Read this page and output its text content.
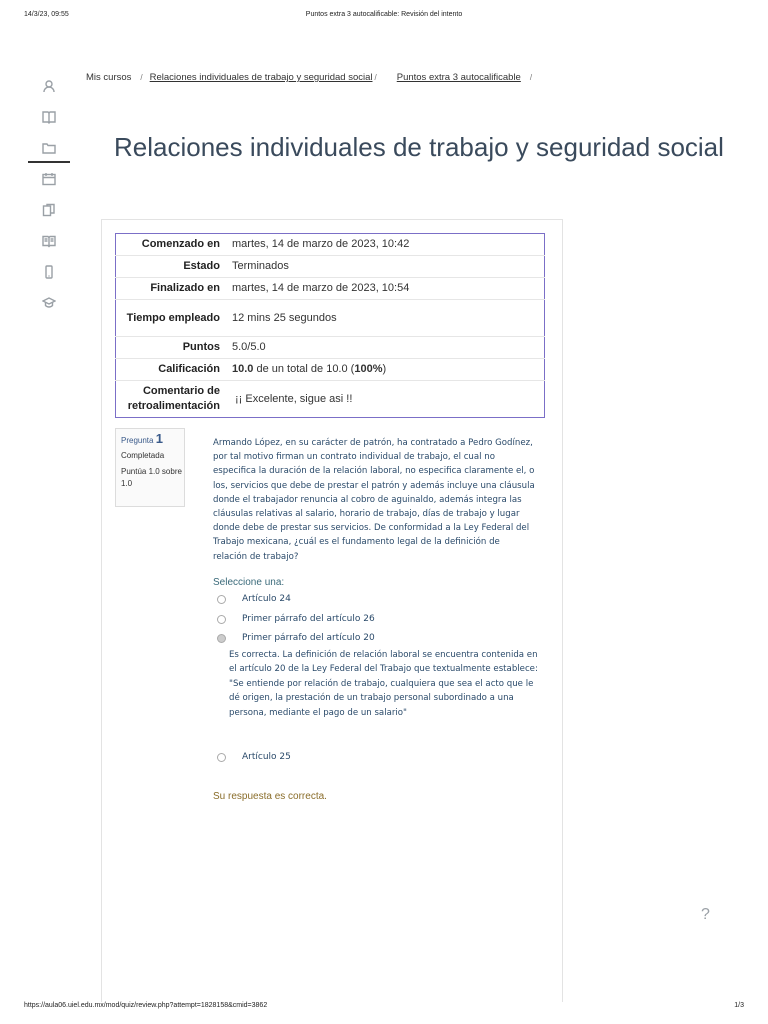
14/3/23, 09:55	Puntos extra 3 autocalificable: Revisión del intento
Mis cursos / Relaciones individuales de trabajo y seguridad social / Puntos extra 3 autocalificable /
Relaciones individuales de trabajo y seguridad social
Comenzado en	martes, 14 de marzo de 2023, 10:42
Estado	Terminados
Finalizado en	martes, 14 de marzo de 2023, 10:54
Tiempo empleado	12 mins 25 segundos
Puntos	5.0/5.0
Calificación	10.0 de un total de 10.0 (100%)
Comentario de retroalimentación	¡¡ Excelente, sigue asi !!
Pregunta 1
Completada
Puntúa 1.0 sobre 1.0
Armando López, en su carácter de patrón, ha contratado a Pedro Godínez, por tal motivo firman un contrato individual de trabajo, el cual no especifica la duración de la relación laboral, no especifica claramente el, o los, servicios que debe de prestar el patrón y además incluye una cláusula donde el trabajador renuncia al cobro de aguinaldo, además integra las cláusulas relativas al salario, horario de trabajo, días de trabajo y lugar donde debe de prestar sus servicios. De conformidad a la Ley Federal del Trabajo mexicana, ¿cuál es el fundamento legal de la definición de relación de trabajo?
Seleccione una:
Artículo 24
Primer párrafo del artículo 26
Primer párrafo del artículo 20
Es correcta. La definición de relación laboral se encuentra contenida en el artículo 20 de la Ley Federal del Trabajo que textualmente establece: "Se entiende por relación de trabajo, cualquiera que sea el acto que le dé origen, la prestación de un trabajo personal subordinado a una persona, mediante el pago de un salario"
Artículo 25
Su respuesta es correcta.
?
https://aula06.uiel.edu.mx/mod/quiz/review.php?attempt=1828158&cmid=3862	1/3
